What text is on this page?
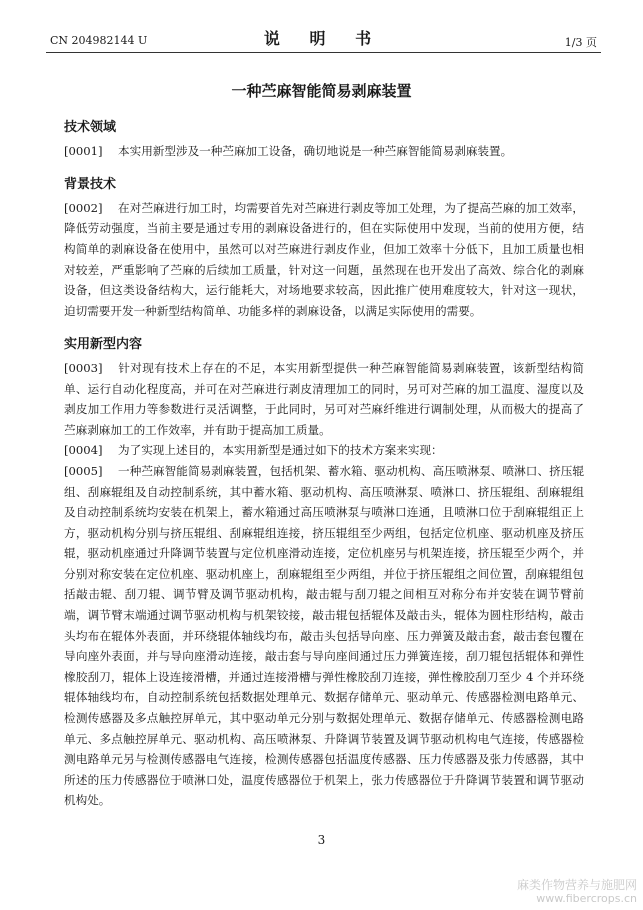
CN 204982144 U	说 明 书	1/3 页
一种苎麻智能简易剥麻装置
技术领域
[0001] 本实用新型涉及一种苎麻加工设备，确切地说是一种苎麻智能简易剥麻装置。
背景技术
[0002] 在对苎麻进行加工时，均需要首先对苎麻进行剥皮等加工处理，为了提高苎麻的加工效率，降低劳动强度，当前主要是通过专用的剥麻设备进行的，但在实际使用中发现，当前的使用方便，结构简单的剥麻设备在使用中，虽然可以对苎麻进行剥皮作业，但加工效率十分低下，且加工质量也相对较差，严重影响了苎麻的后续加工质量，针对这一问题，虽然现在也开发出了高效、综合化的剥麻设备，但这类设备结构大，运行能耗大，对场地要求较高，因此推广使用难度较大，针对这一现状，迫切需要开发一种新型结构简单、功能多样的剥麻设备，以满足实际使用的需要。
实用新型内容
[0003] 针对现有技术上存在的不足，本实用新型提供一种苎麻智能简易剥麻装置，该新型结构简单、运行自动化程度高，并可在对苎麻进行剥皮清理加工的同时，另可对苎麻的加工温度、湿度以及剥皮加工作用力等参数进行灵活调整，于此同时，另可对苎麻纤维进行调制处理，从而极大的提高了苎麻剥麻加工的工作效率，并有助于提高加工质量。
[0004] 为了实现上述目的，本实用新型是通过如下的技术方案来实现：
[0005] 一种苎麻智能简易剥麻装置，包括机架、蓄水箱、驱动机构、高压喷淋泵、喷淋口、挤压辊组、刮麻辊组及自动控制系统，其中蓄水箱、驱动机构、高压喷淋泵、喷淋口、挤压辊组、刮麻辊组及自动控制系统均安装在机架上，蓄水箱通过高压喷淋泵与喷淋口连通，且喷淋口位于刮麻辊组正上方，驱动机构分别与挤压辊组、刮麻辊组连接，挤压辊组至少两组，包括定位机座、驱动机座及挤压辊，驱动机座通过升降调节装置与定位机座滑动连接，定位机座另与机架连接，挤压辊至少两个，并分别对称安装在定位机座、驱动机座上，刮麻辊组至少两组，并位于挤压辊组之间位置，刮麻辊组包括敲击辊、刮刀辊、调节臂及调节驱动机构，敲击辊与刮刀辊之间相互对称分布并安装在调节臂前端，调节臂末端通过调节驱动机构与机架铰接，敲击辊包括辊体及敲击头，辊体为圆柱形结构，敲击头均布在辊体外表面，并环绕辊体轴线均布，敲击头包括导向座、压力弹簧及敲击套，敲击套包覆在导向座外表面，并与导向座滑动连接，敲击套与导向座间通过压力弹簧连接，刮刀辊包括辊体和弹性橡胶刮刀，辊体上设连接滑槽，并通过连接滑槽与弹性橡胶刮刀连接，弹性橡胶刮刀至少 4 个并环绕辊体轴线均布，自动控制系统包括数据处理单元、数据存储单元、驱动单元、传感器检测电路单元、检测传感器及多点触控屏单元，其中驱动单元分别与数据处理单元、数据存储单元、传感器检测电路单元、多点触控屏单元、驱动机构、高压喷淋泵、升降调节装置及调节驱动机构电气连接，传感器检测电路单元另与检测传感器电气连接，检测传感器包括温度传感器、压力传感器及张力传感器，其中所述的压力传感器位于喷淋口处，温度传感器位于机架上，张力传感器位于升降调节装置和调节驱动机构处。
3
麻类作物营养与施肥网
www.fibercrops.cn
